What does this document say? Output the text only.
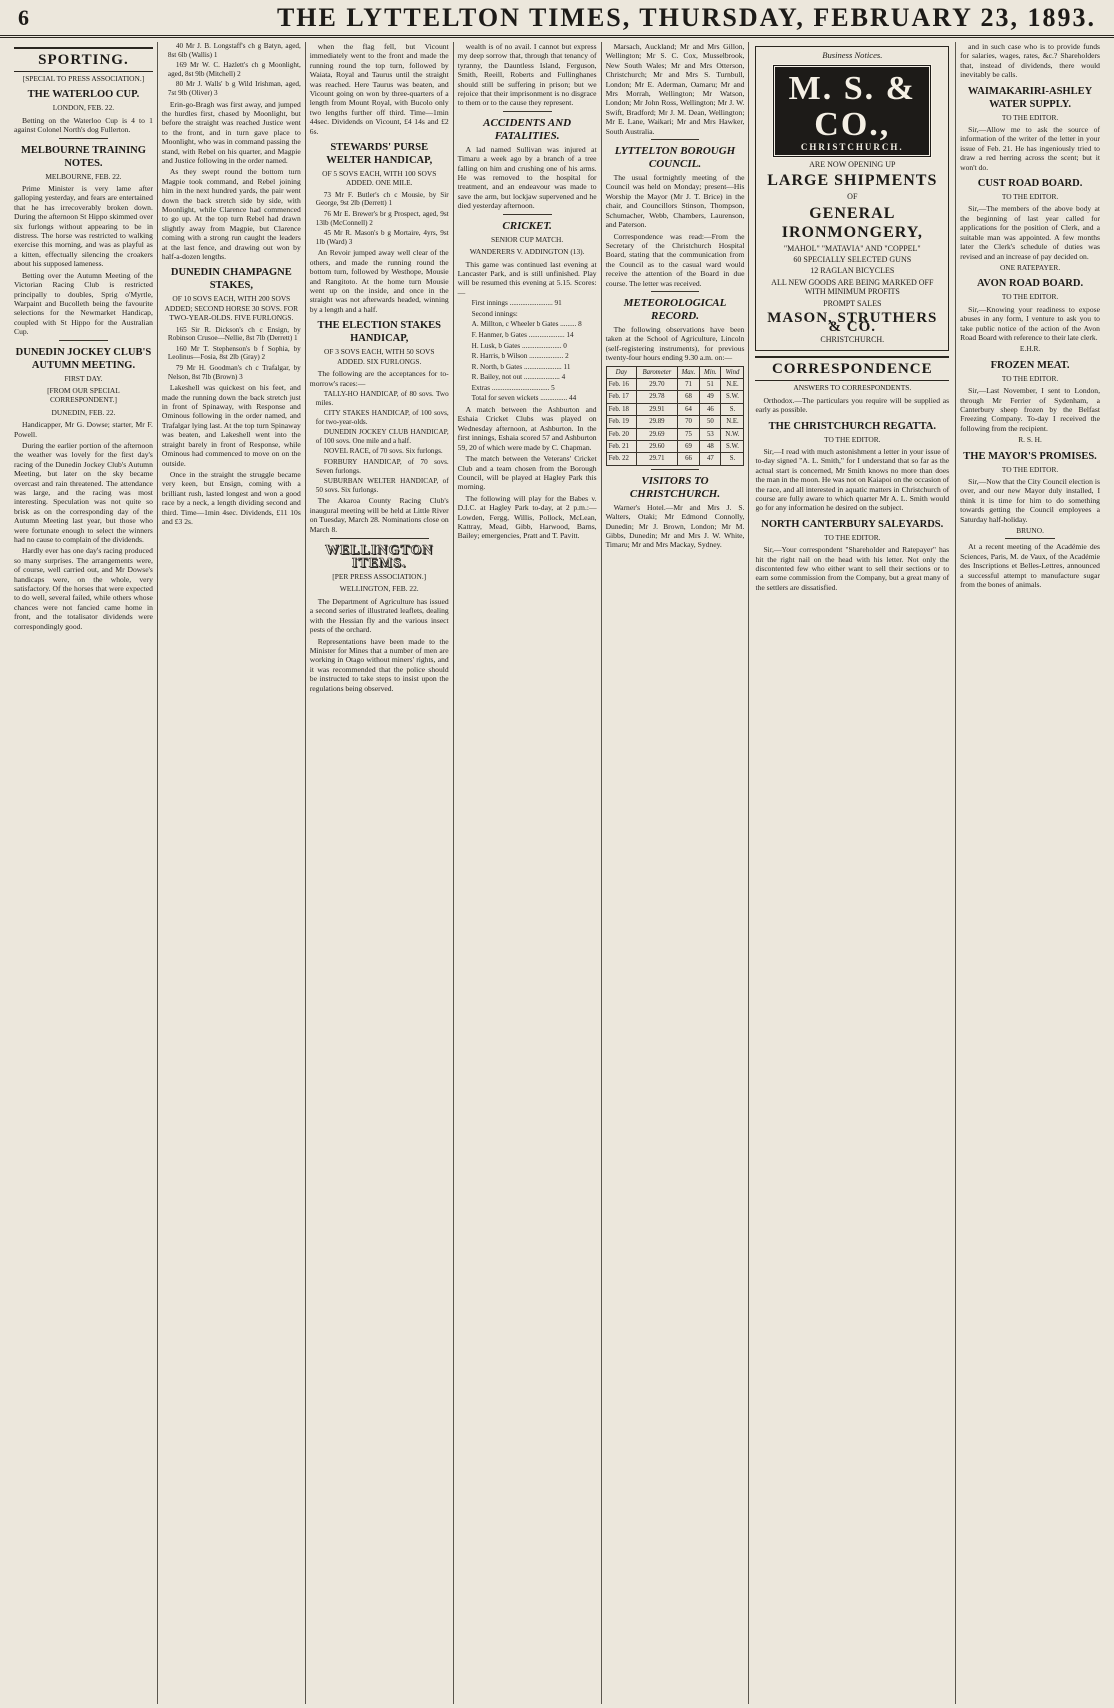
6	THE LYTTELTON TIMES, THURSDAY, FEBRUARY 23, 1893.
SPORTING.
[SPECIAL TO PRESS ASSOCIATION.]
THE WATERLOO CUP.
LONDON, FEB. 22.

Betting on the Waterloo Cup is 4 to 1 against Colonel North's dog Fullerton.

MELBOURNE TRAINING NOTES.
MELBOURNE, FEB. 22.

Prime Minister is very lame after galloping yesterday, and fears are entertained that he has irrecoverably broken down. During the afternoon St Hippo skimmed over six furlongs without appearing to be in distress. The horse was restricted to walking exercise this morning, and was as playful as a kitten, effectually silencing the croakers about his supposed lameness.

Betting over the Autumn Meeting of the Victorian Racing Club is restricted principally to doubles, Sprig o'Myrtle, Warpaint and Bucolleth being the favourite selections for the Newmarket Handicap, coupled with St Hippo for the Australian Cup.

DUNEDIN JOCKEY CLUB'S AUTUMN MEETING.
FIRST DAY.
[FROM OUR SPECIAL CORRESPONDENT.]
DUNEDIN, FEB. 22.

Handicapper, Mr G. Dowse; starter, Mr F. Powell.

During the earlier portion of the afternoon the weather was lovely for the first day's racing of the Dunedin Jockey Club's Autumn Meeting, but later on the sky became overcast and rain threatened. The attendance was large, and the racing was most interesting. Speculation was not quite so brisk as on the corresponding day of the Autumn Meeting last year, but those who were fortunate enough to select the winners had no cause to complain of the dividends.

Hardly ever has one day's racing produced so many surprises. The arrangements were, of course, well carried out, and Mr Dowse's handicaps were, on the whole, very satisfactory. Of the horses that were expected to do well, several failed, while others whose chances were not fancied came home in front, and the totalisator dividends were correspondingly good.

40 Mr J. B. Longstaff's ch g Batyn, aged, 8st 6lb (Wallis) 1

169 Mr W. C. Hazlett's ch g Moonlight, aged, 8st 9lb (Mitchell) 2

80 Mr J. Walls' b g Wild Irishman, aged, 7st 9lb (Oliver) 3

Erin-go-Bragh was first away, and jumped the hurdles first, chased by Moonlight, but before the straight was reached Justice went to the front, and in turn gave place to Moonlight, who was in command passing the stand, with Rebel on his quarter, and Magpie and Justice following in the order named.

As they swept round the bottom turn Magpie took command, and Rebel joining him in the next hundred yards, the pair went down the back stretch side by side, with Moonlight, while Clarence had commenced to go up. At the top turn Rebel had drawn slightly away from Magpie, but Clarence coming with a strong run caught the leaders at the last fence, and drawing out won by half-a-dozen lengths.

DUNEDIN CHAMPAGNE STAKES,
OF 10 SOVS EACH, WITH 200 SOVS ADDED; SECOND HORSE 30 SOVS. FOR TWO-YEAR-OLDS. FIVE FURLONGS.

165 Sir R. Dickson's ch c Ensign, by Robinson Crusoe—Nellie, 8st 7lb (Derrett) 1

160 Mr T. Stephenson's b f Sophia, by Leolinus—Fosia, 8st 2lb (Gray) 2

79 Mr H. Goodman's ch c Trafalgar, by Nelson, 8st 7lb (Brown) 3

Lakeshell was quickest on his feet, and made the running down the back stretch just in front of Spinaway, with Response and Ominous following in the order named, and Trafalgar lying last. At the top turn Spinaway was beaten, and Lakeshell went into the straight barely in front of Response, while Ominous had commenced to move on on the outside.

Once in the straight the struggle became very keen, but Ensign, coming with a brilliant rush, lasted longest and won a good race by a neck, a length dividing second and third. Time—1min 4sec. Dividends, £11 10s and £3 2s.

when the flag fell, but Vicount immediately went to the front and made the running round the top turn, followed by Waiata, Royal and Taurus until the straight was reached. Here Taurus was beaten, and Vicount going on won by three-quarters of a length from Mount Royal, with Bucolo only two lengths further off third. Time—1min 44sec. Dividends on Vicount, £4 14s and £2 6s.

STEWARDS' PURSE WELTER HANDICAP,
OF 5 SOVS EACH, WITH 100 SOVS ADDED. ONE MILE.

73 Mr F. Butler's ch c Mousie, by Sir George, 9st 2lb (Derrett) 1

76 Mr E. Brewer's br g Prospect, aged, 9st 13lb (McConnell) 2

45 Mr R. Mason's b g Mortaire, 4yrs, 9st 1lb (Ward) 3

An Revoir jumped away well clear of the others, and made the running round the bottom turn, followed by Westhope, Mousie and Rangitoto. At the home turn Mousie went up on the inside, and once in the straight was not afterwards headed, winning by a length and a half.

THE ELECTION STAKES HANDICAP,
OF 3 SOVS EACH, WITH 50 SOVS ADDED. SIX FURLONGS.

The following are the acceptances for to-morrow's races:—

TALLY-HO HANDICAP, of 80 sovs. Two miles.

CITY STAKES HANDICAP, of 100 sovs, for two-year-olds.

DUNEDIN JOCKEY CLUB HANDICAP, of 100 sovs. One mile and a half.

NOVEL RACE, of 70 sovs. Six furlongs.

FORBURY HANDICAP, of 70 sovs. Seven furlongs.

SUBURBAN WELTER HANDICAP, of 50 sovs. Six furlongs.

The Akaroa County Racing Club's inaugural meeting will be held at Little River on Tuesday, March 28. Nominations close on March 8.

WELLINGTON ITEMS.
[PER PRESS ASSOCIATION.]
WELLINGTON, FEB. 22.

The Department of Agriculture has issued a second series of illustrated leaflets, dealing with the Hessian fly and the various insect pests of the orchard.

Representations have been made to the Minister for Mines that a number of men are working in Otago without miners' rights, and it was recommended that the police should be instructed to take steps to insist upon the regulations being observed.

wealth is of no avail. I cannot but express my deep sorrow that, through that tenancy of tyranny, the Dauntless Island, Ferguson, Smith, Reeill, Roberts and Fullinghanes should still be suffering in prison; but we rejoice that their imprisonment is no disgrace to them or to the cause they represent.

ACCIDENTS AND FATALITIES.

A lad named Sullivan was injured at Timaru a week ago by a branch of a tree falling on him and crushing one of his arms. He was removed to the hospital for treatment, and an endeavour was made to save the arm, but lockjaw supervened and he died yesterday afternoon.

CRICKET.
SENIOR CUP MATCH.
WANDERERS V. ADDINGTON (13).

This game was continued last evening at Lancaster Park, and is still unfinished. Play will be resumed this evening at 5.15. Scores:—

First innings ........................ 91

Second innings:

A. Millton, c Wheeler b Gates ......... 8

F. Hanmer, b Gates .................... 14

H. Lusk, b Gates ...................... 0

R. Harris, b Wilson ................... 2

R. North, b Gates ..................... 11

R. Bailey, not out .................... 4

Extras ................................ 5

Total for seven wickets ............... 44

A match between the Ashburton and Eshaia Cricket Clubs was played on Wednesday afternoon, at Ashburton. In the first innings, Eshaia scored 57 and Ashburton 59, 20 of which were made by C. Chapman.

The match between the Veterans' Cricket Club and a team chosen from the Borough Council, will be played at Hagley Park this morning.

The following will play for the Babes v. D.I.C. at Hagley Park to-day, at 2 p.m.:—Lowden, Fergg, Willis, Pollock, McLean, Kattray, Mead, Gibb, Harwood, Barns, Bailey; emergencies, Pratt and T. Pavitt.

Marsach, Auckland; Mr and Mrs Gillon, Wellington; Mr S. C. Cox, Musselbrook, New South Wales; Mr and Mrs Otterson, Christchurch; Mr and Mrs S. Turnbull, London; Mr E. Aderman, Oamaru; Mr and Mrs Morrah, Wellington; Mr Watson, London; Mr John Ross, Wellington; Mr J. W. Swift, Bradford; Mr J. M. Dean, Wellington; Mr E. Lane, Waikari; Mr and Mrs Hawker, South Australia.

LYTTELTON BOROUGH COUNCIL.

The usual fortnightly meeting of the Council was held on Monday; present—His Worship the Mayor (Mr J. T. Brice) in the chair, and Councillors Stinson, Thompson, Schumacher, Webb, Chambers, Laurenson, and Paterson.

Correspondence was read:—From the Secretary of the Christchurch Hospital Board, stating that the communication from the Council as to the casual ward would receive the attention of the Board in due course. The letter was received.

METEOROLOGICAL RECORD.

The following observations have been taken at the School of Agriculture, Lincoln (self-registering instruments), for previous twenty-four hours ending 9.30 a.m. on:—

Day	Barometer	Max.	Min.	Wind
Feb. 16	29.70	71	51	N.E.
Feb. 17	29.78	68	49	S.W.
Feb. 18	29.91	64	46	S.
Feb. 19	29.89	70	50	N.E.
Feb. 20	29.69	75	53	N.W.
Feb. 21	29.60	69	48	S.W.
Feb. 22	29.71	66	47	S.
VISITORS TO CHRISTCHURCH.

Warner's Hotel.—Mr and Mrs J. S. Walters, Otaki; Mr Edmond Connolly, Dunedin; Mr J. Brown, London; Mr M. Gibbs, Dunedin; Mr and Mrs J. W. White, Timaru; Mr and Mrs Mackay, Sydney.

Business Notices.
M. S. & CO.,
CHRISTCHURCH.
ARE NOW OPENING UP
LARGE SHIPMENTS
OF
GENERAL IRONMONGERY,
"MAHOL" "MATAVIA" AND "COPPEL"
60 SPECIALLY SELECTED GUNS
12 RAGLAN BICYCLES
ALL NEW GOODS ARE BEING MARKED OFF WITH MINIMUM PROFITS
PROMPT SALES
MASON, STRUTHERS & CO.
CHRISTCHURCH.
CORRESPONDENCE
ANSWERS TO CORRESPONDENTS.

Orthodox.—The particulars you require will be supplied as early as possible.

THE CHRISTCHURCH REGATTA.
TO THE EDITOR.

Sir,—I read with much astonishment a letter in your issue of to-day signed "A. L. Smith," for I understand that so far as the actual start is concerned, Mr Smith knows no more than does the man in the moon. He was not on Kaiapoi on the occasion of the race, and all interested in aquatic matters in Christchurch of course are fully aware to which quarter Mr A. L. Smith would go for any information he desired on the subject.

NORTH CANTERBURY SALEYARDS.
TO THE EDITOR.

Sir,—Your correspondent "Shareholder and Ratepayer" has hit the right nail on the head with his letter. Not only the discontented few who either want to sell their sections or to earn some commission from the Company, but a great many of the settlers are dissatisfied.

and in such case who is to provide funds for salaries, wages, rates, &c.? Shareholders that, instead of dividends, there would inevitably be calls.

WAIMAKARIRI-ASHLEY WATER SUPPLY.
TO THE EDITOR.

Sir,—Allow me to ask the source of information of the writer of the letter in your issue of Feb. 21. He has ingeniously tried to draw a red herring across the scent; but it won't do.

CUST ROAD BOARD.
TO THE EDITOR.

Sir,—The members of the above body at the beginning of last year called for applications for the position of Clerk, and a suitable man was appointed. A few months later the Clerk's schedule of duties was revised and an increase of pay decided on.

ONE RATEPAYER.
AVON ROAD BOARD.
TO THE EDITOR.

Sir,—Knowing your readiness to expose abuses in any form, I venture to ask you to take public notice of the action of the Avon Road Board with reference to their late clerk.

E.H.R.
FROZEN MEAT.
TO THE EDITOR.

Sir,—Last November, I sent to London, through Mr Ferrier of Sydenham, a Canterbury sheep frozen by the Belfast Freezing Company. To-day I received the following from the recipient.

R. S. H.
THE MAYOR'S PROMISES.
TO THE EDITOR.

Sir,—Now that the City Council election is over, and our new Mayor duly installed, I think it is time for him to do something towards getting the Council employees a Saturday half-holiday.

BRUNO.

At a recent meeting of the Académie des Sciences, Paris, M. de Vaux, of the Académie des Inscriptions et Belles-Lettres, announced a successful attempt to manufacture sugar from the bones of animals.
